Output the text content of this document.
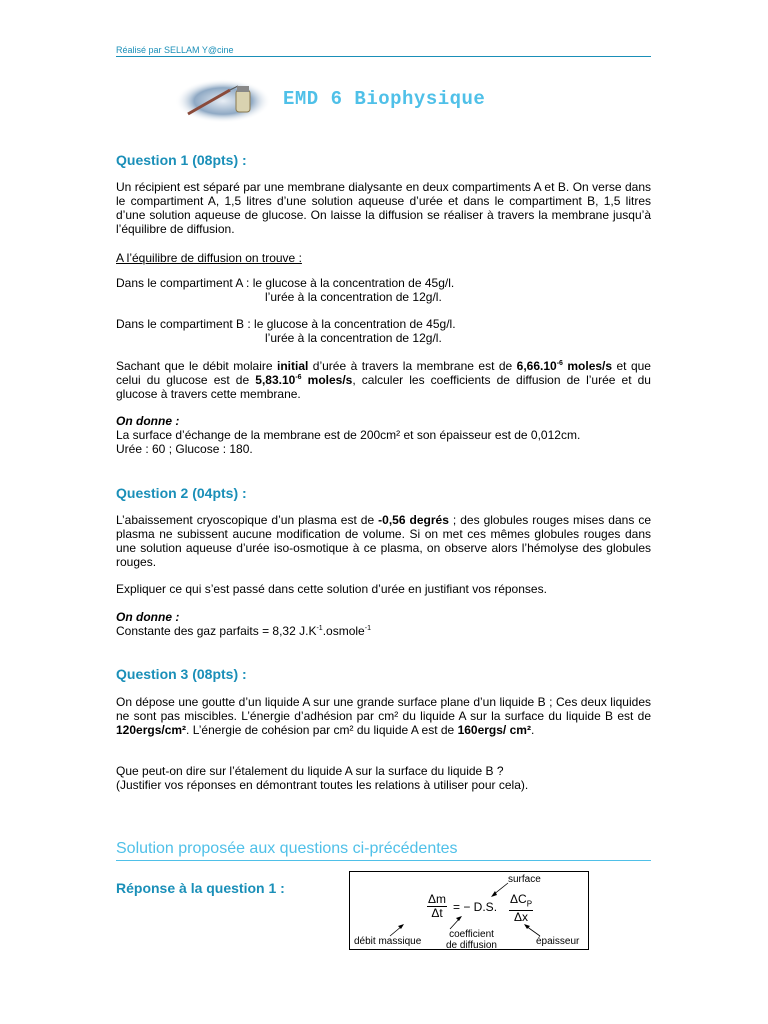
Réalisé par SELLAM Y@cine
EMD 6 Biophysique
Question 1 (08pts) :
Un récipient est séparé par une membrane dialysante en deux compartiments A et B. On verse dans le compartiment A, 1,5 litres d’une solution aqueuse d’urée et dans le compartiment B, 1,5 litres d’une solution aqueuse de glucose. On laisse la diffusion se réaliser à travers la membrane jusqu’à l’équilibre de diffusion.
A l’équilibre de diffusion on trouve :
Dans le compartiment A : le glucose à la concentration de 45g/l.
l’urée à la concentration de 12g/l.
Dans le compartiment B : le glucose à la concentration de 45g/l.
l’urée à la concentration de 12g/l.
Sachant que le débit molaire initial d’urée à travers la membrane est de $6,66.10^{-6}$ moles/s et que celui du glucose est de $5,83.10^{-6}$ moles/s, calculer les coefficients de diffusion de l’urée et du glucose à travers cette membrane.
On donne :
La surface d’échange de la membrane est de 200cm² et son épaisseur est de 0,012cm.
Urée : 60 ; Glucose : 180.
Question 2 (04pts) :
L’abaissement cryoscopique d’un plasma est de -0,56 degrés ; des globules rouges mises dans ce plasma ne subissent aucune modification de volume. Si on met ces mêmes globules rouges dans une solution aqueuse d’urée iso-osmotique à ce plasma, on observe alors l’hémolyse des globules rouges.
Expliquer ce qui s’est passé dans cette solution d’urée en justifiant vos réponses.
On donne :
Constante des gaz parfaits = 8,32 $J.K^{-1}.osmole^{-1}$
Question 3 (08pts) :
On dépose une goutte d’un liquide A sur une grande surface plane d’un liquide B ; Ces deux liquides ne sont pas miscibles. L’énergie d’adhésion par cm² du liquide A sur la surface du liquide B est de 120ergs/cm². L’énergie de cohésion par cm² du liquide A est de 160ergs/ cm².
Que peut-on dire sur l’étalement du liquide A sur la surface du liquide B ?
(Justifier vos réponses en démontrant toutes les relations à utiliser pour cela).
Solution proposée aux questions ci-précédentes
Réponse à la question 1 :
surface
$\frac{\Delta m}{\Delta t}$ = − D.S.
$\Delta C_P$
Δx
débit massique
coefficient
de diffusion	épaisseur
